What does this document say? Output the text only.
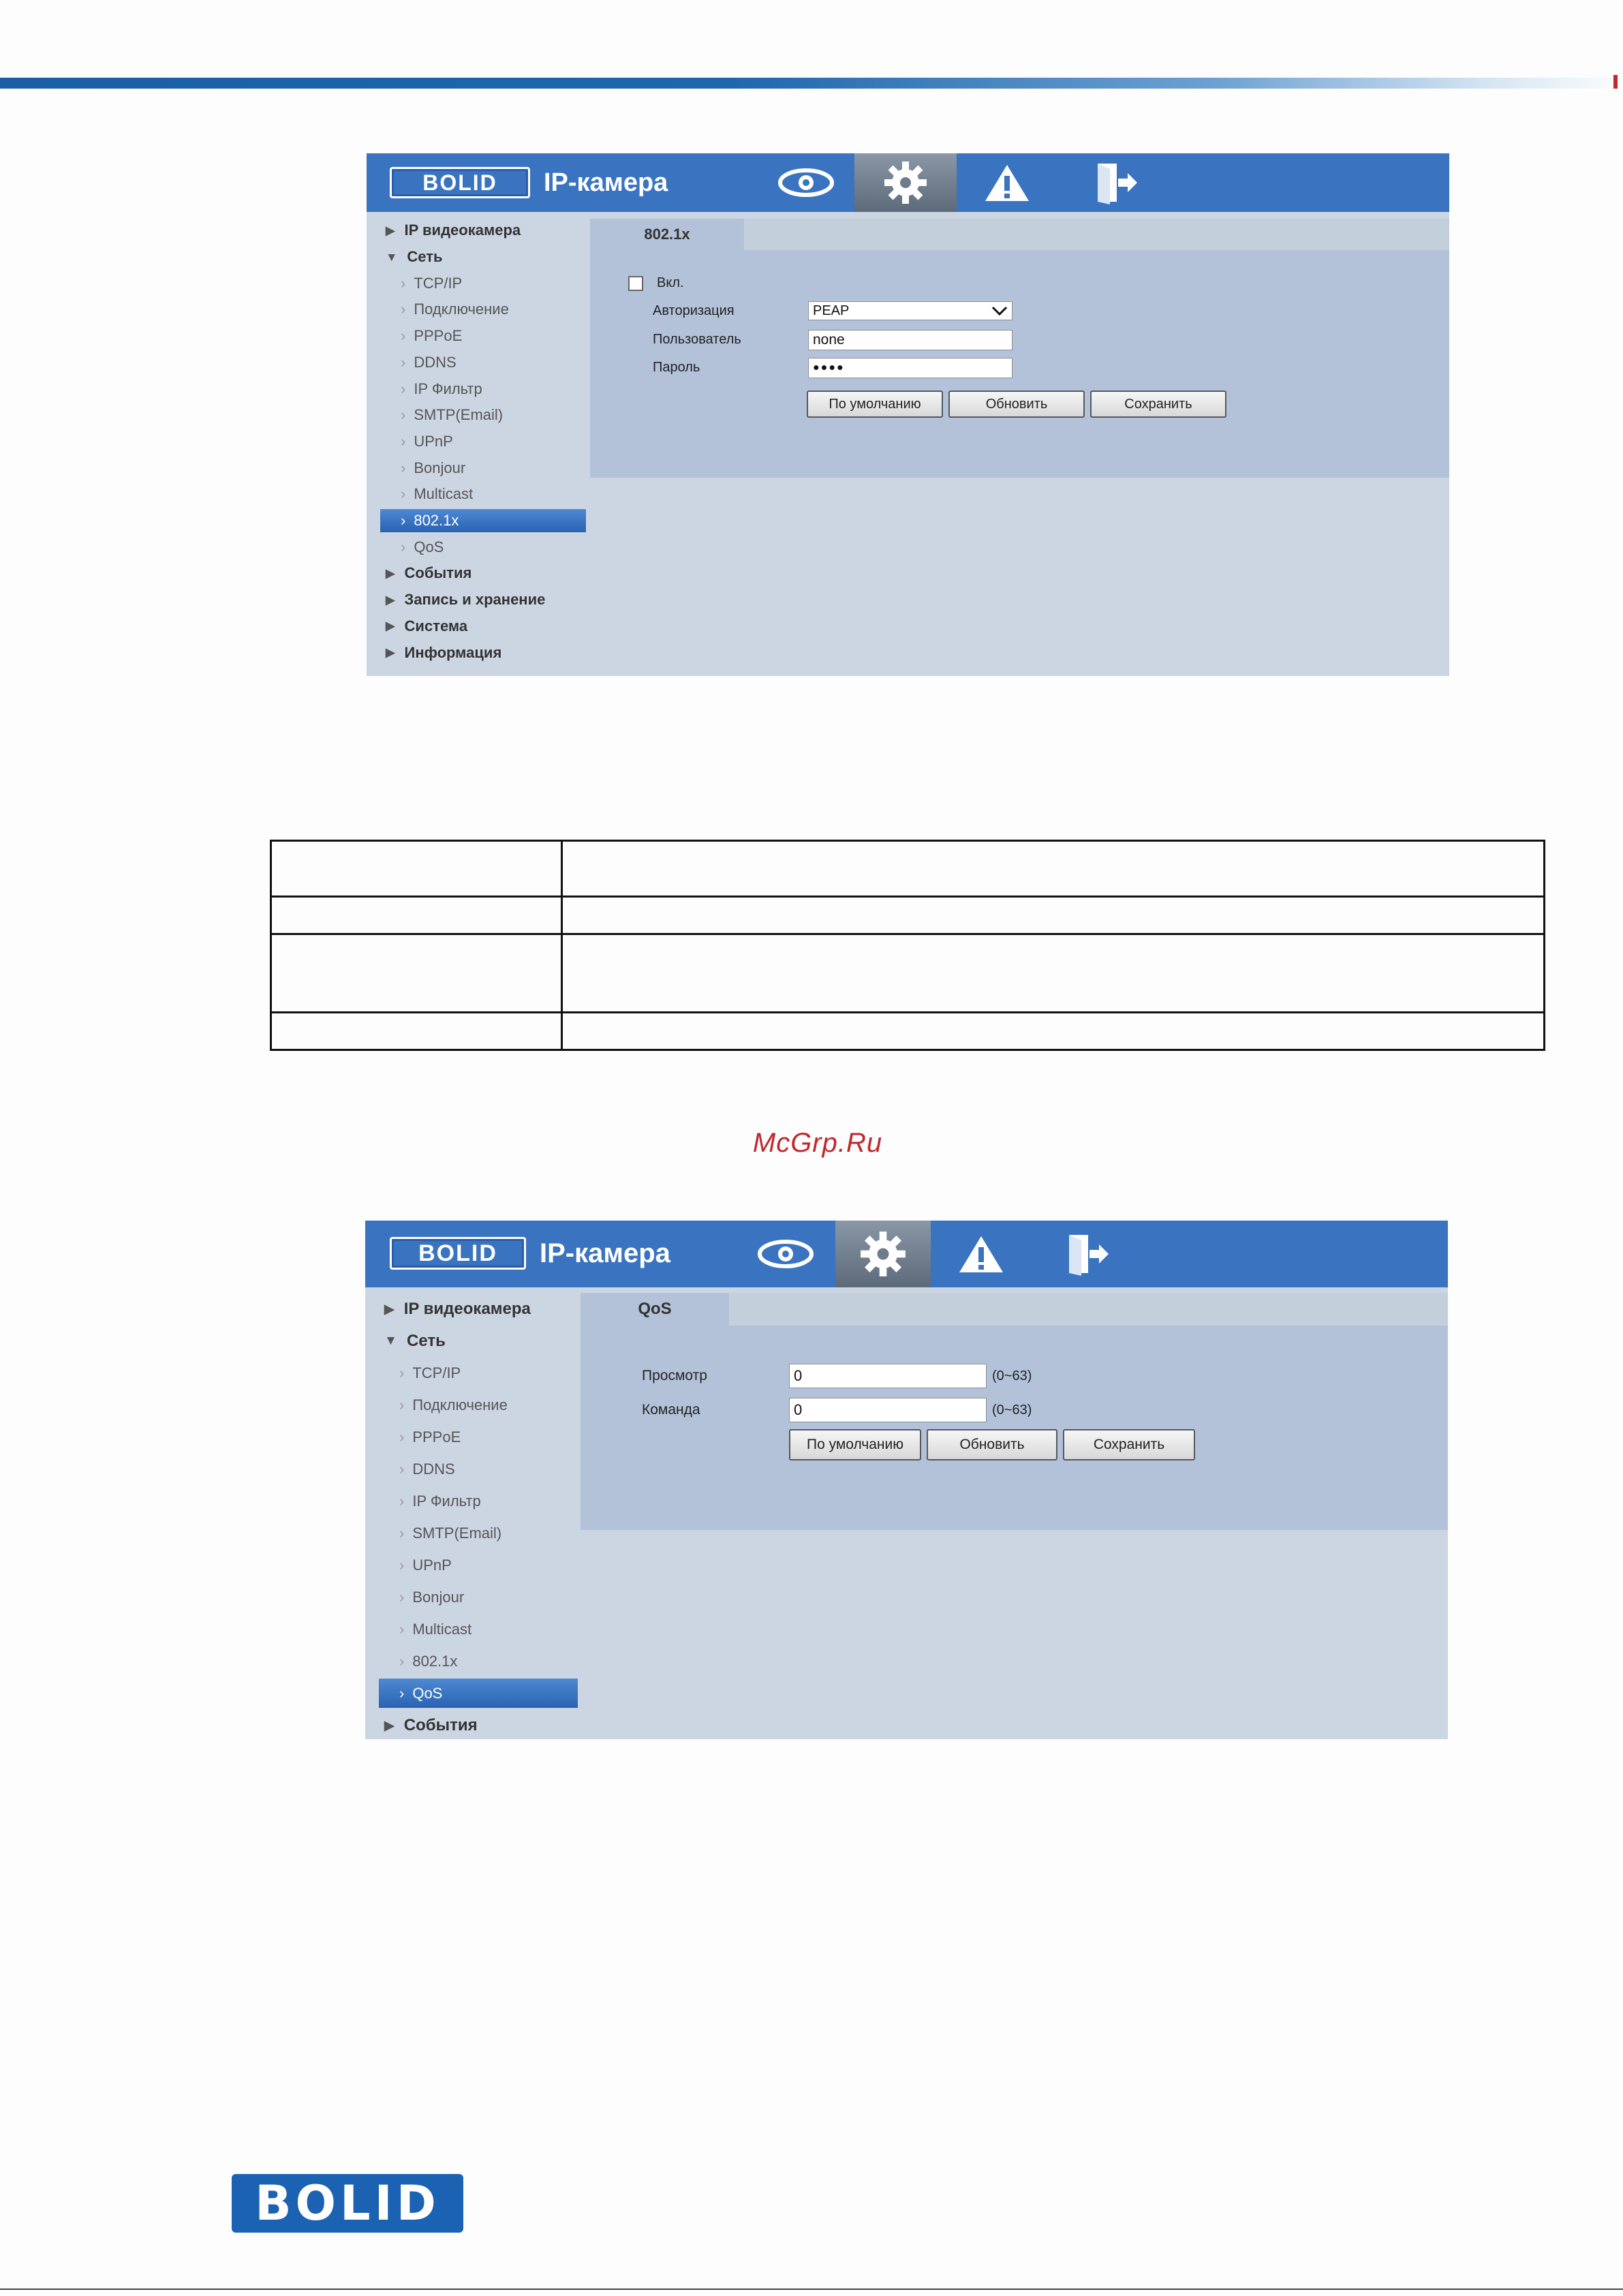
BOLID	IP-камера
▶ IP видеокамера
▼ Сеть
› TCP/IP
› Подключение
› PPPoE
› DDNS
› IP Фильтр
› SMTP(Email)
› UPnP
› Bonjour
› Multicast
› 802.1x
› QoS
▶ События
▶ Запись и хранение
▶ Система
▶ Информация
802.1x
Вкл.
Авторизация	PEAP
Пользователь	none
Пароль	●●●●
По умолчанию	Обновить	Сохранить

McGrp.Ru
BOLID	IP-камера
▶ IP видеокамера
▼ Сеть
› TCP/IP
› Подключение
› PPPoE
› DDNS
› IP Фильтр
› SMTP(Email)
› UPnP
› Bonjour
› Multicast
› 802.1x
› QoS
▶ События
QoS
Просмотр	0	(0~63)
Команда	0	(0~63)
По умолчанию	Обновить	Сохранить
BOLID
